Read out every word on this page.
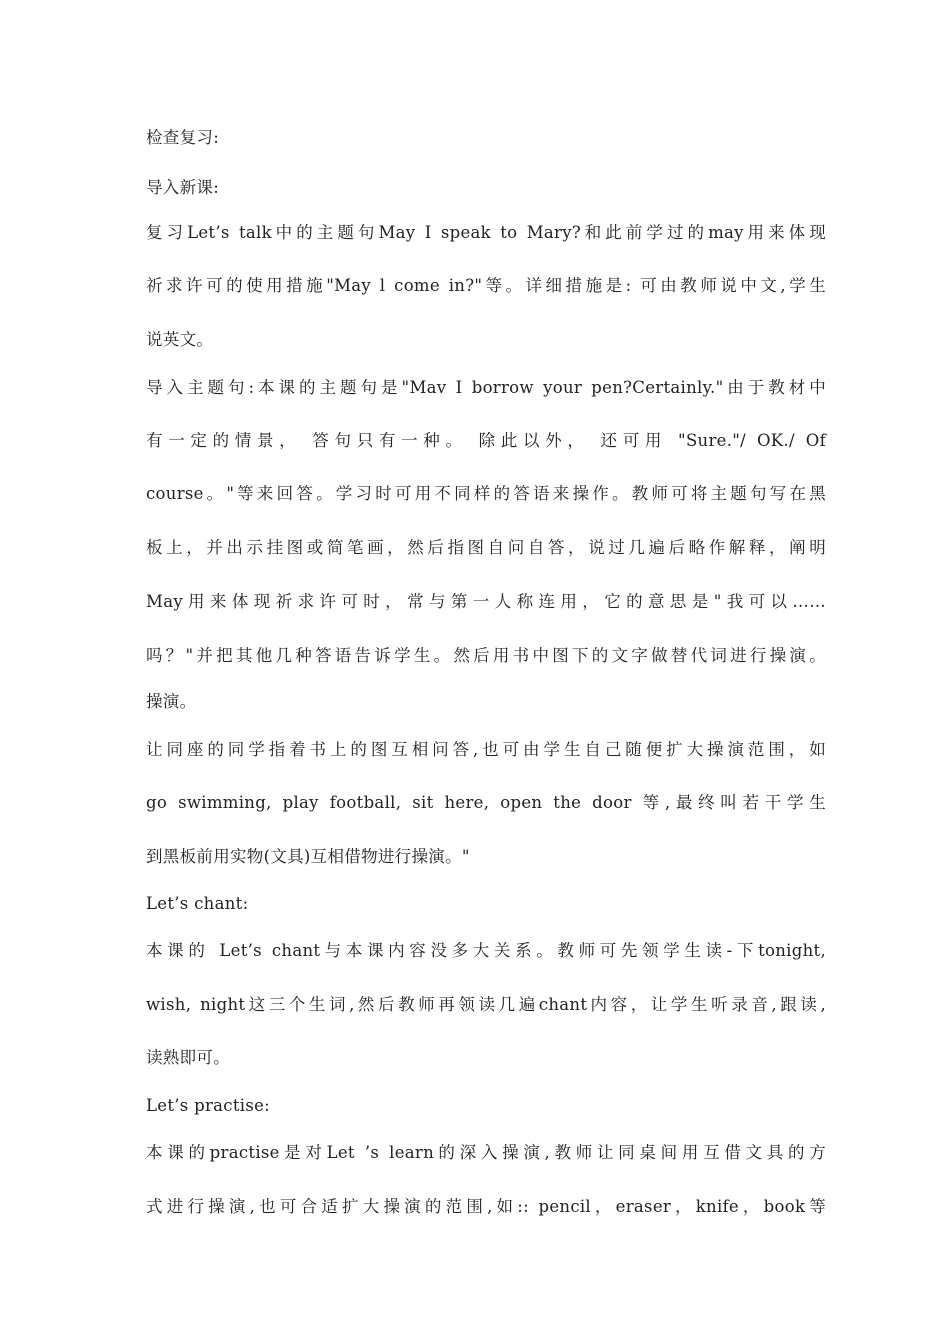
检查复习:
导入新课:
复习Let’s talk中的主题句May I speak to Mary?和此前学过的may用来体现
祈求许可的使用措施"May l come in?"等。详细措施是: 可由教师说中文,学生
说英文。
导入主题句:本课的主题句是"Mav I borrow your pen?Certainly."由于教材中
有一定的情景， 答句只有一种。 除此以外， 还可用 "Sure."/ OK./ Of
course。"等来回答。学习时可用不同样的答语来操作。教师可将主题句写在黑
板上，并出示挂图或简笔画，然后指图自问自答，说过几遍后略作解释，阐明
May用来体现祈求许可时，常与第一人称连用，它的意思是"我可以……
吗？"并把其他几种答语告诉学生。然后用书中图下的文字做替代词进行操演。
操演。
让同座的同学指着书上的图互相问答,也可由学生自己随便扩大操演范围，如
go swimming, play football, sit here, open the door 等,最终叫若干学生
到黑板前用实物(文具)互相借物进行操演。"
Let’s chant:
本课的 Let’s chant与本课内容没多大关系。教师可先领学生读-下tonight,
wish, night这三个生词,然后教师再领读几遍chant内容，让学生听录音,跟读,
读熟即可。
Let’s practise:
本课的practise是对Let ’s learn的深入操演,教师让同桌间用互借文具的方
式进行操演,也可合适扩大操演的范围,如:: pencil，eraser，knife，book等
